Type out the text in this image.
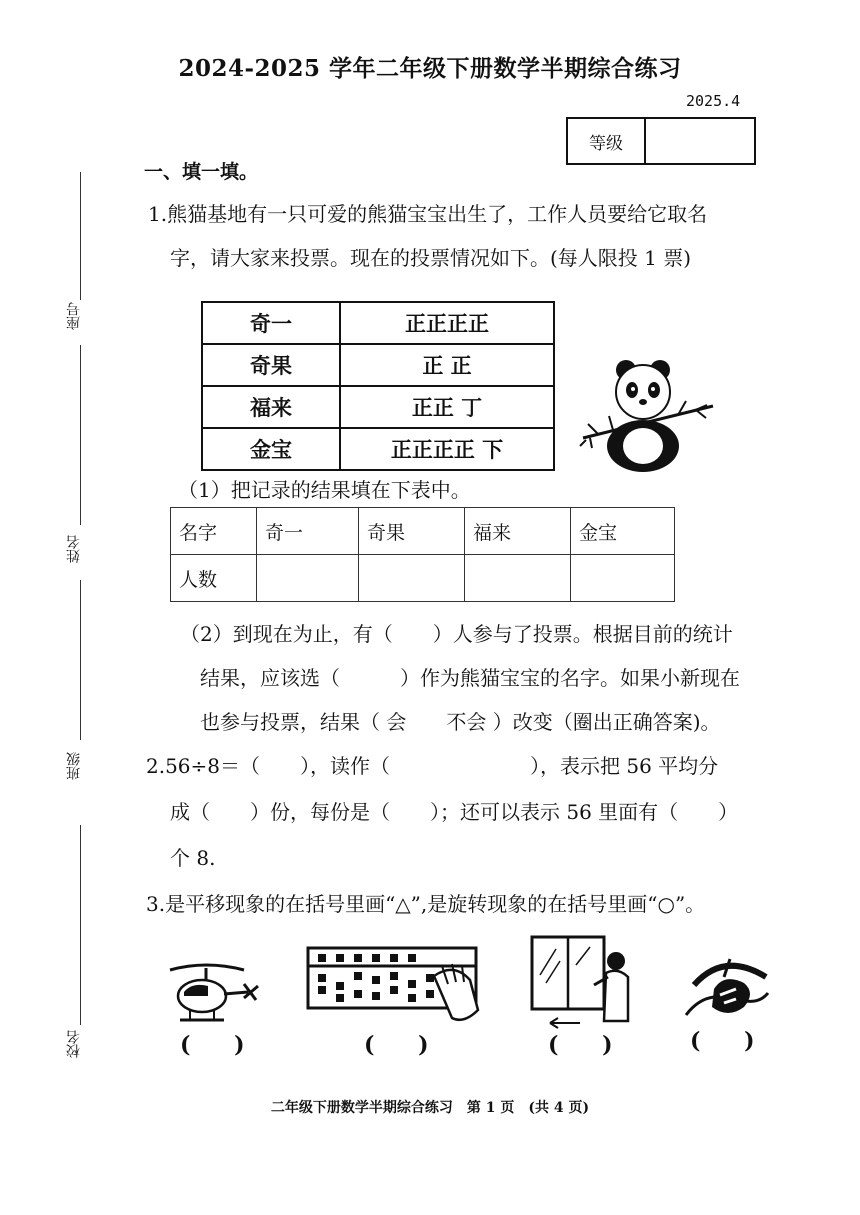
2024-2025 学年二年级下册数学半期综合练习
2025.4
等级
座号
姓名
班级
校名
一、填一填。
1.熊猫基地有一只可爱的熊猫宝宝出生了，工作人员要给它取名
字，请大家来投票。现在的投票情况如下。(每人限投 1 票)
奇一	正正正正
奇果	正 正
福来	正正 丁
金宝	正正正正 下
（1）把记录的结果填在下表中。
名字	奇一	奇果	福来	金宝
人数				
（2）到现在为止，有（　　）人参与了投票。根据目前的统计
结果，应该选（　　　）作为熊猫宝宝的名字。如果小新现在
也参与投票，结果（ 会　　不会 ）改变（圈出正确答案)。
2.56÷8＝（　　），读作（　　　　　　　），表示把 56 平均分
成（　　）份，每份是（　　）；还可以表示 56 里面有（　　）
个 8.
3.是平移现象的在括号里画“△”,是旋转现象的在括号里画“○”。
( )	( )	( )	( )
二年级下册数学半期综合练习　第 1 页　(共 4 页)
